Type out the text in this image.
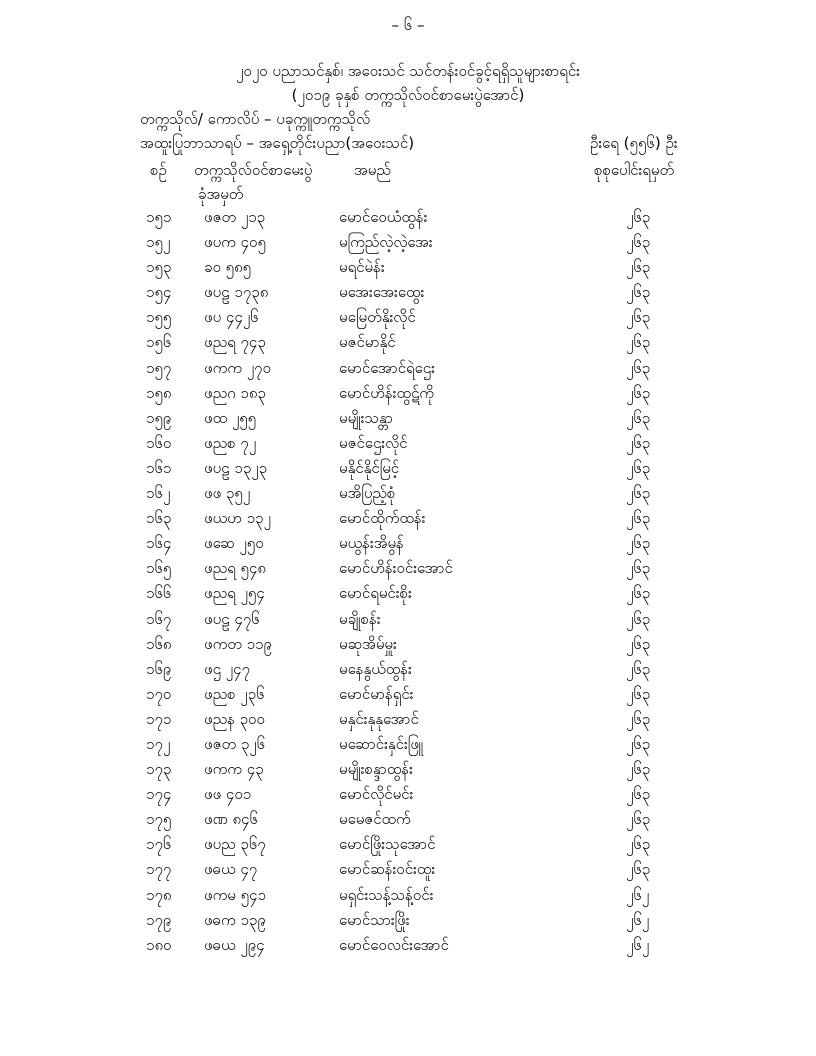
– ၆ –
၂၀၂၀ ပညာသင်နှစ်၊ အဝေးသင် သင်တန်းဝင်ခွင့်ရရှိသူများစာရင်း
(၂၀၁၉ ခုနှစ် တက္ကသိုလ်ဝင်စာမေးပွဲအောင်)
တက္ကသိုလ်/ ကောလိပ် – ပခုက္ကူတက္ကသိုလ်
အထူးပြုဘာသာရပ် – အရှေ့တိုင်းပညာ(အဝေးသင်)	ဦးရေ (၅၅၆) ဦး
စဉ် တက္ကသိုလ်ဝင်စာမေးပွဲ
ခုံအမှတ်
အမည်	စုစုပေါင်းရမှတ်
၁၅၁ ဖဇတ ၂၁၃	မောင်ဝေယံထွန်း	၂၆၃
၁၅၂ ဖပက ၄၀၅	မကြည်လဲ့လဲ့အေး	၂၆၃
၁၅၃ ခဝ ၅၈၅	မရင်မဲန်း	၂၆၃
၁၅၄ ဖပဠ ၁၇၃၈	မအေးအေးထွေး	၂၆၃
၁၅၅ ဖပ ၄၄၂၆	မမြေတ်နိုးလိုင်	၂၆၃
၁၅၆ ဖညရ ၇၄၃	မဇင်မာနိုင်	၂၆၃
၁၅၇ ဖကက ၂၇၀	မောင်အောင်ရဲဌေး	၂၆၃
၁၅၈ ဖညဂ ၁၈၃	မောင်ဟိန်းထွဋ်ကို	၂၆၃
၁၅၉ ဖထ ၂၅၅	မမျိုးသန္တာ	၂၆၃
၁၆၀ ဖညစ ၇၂	မဇင်ဌေးလိုင်	၂၆၃
၁၆၁ ဖပဠ ၁၃၂၃	မနိုင်နိုင်မြင့်	၂၆၃
၁၆၂ ဖဖ ၃၅၂	မအိပြည့်စုံ	၂၆၃
၁၆၃ ဖယဟ ၁၃၂	မောင်ထိုက်ထန်း	၂၆၃
၁၆၄ ဖဆေ ၂၅၀	မယွန်းအိမွန်	၂၆၃
၁၆၅ ဖညရ ၅၄၈	မောင်ဟိန်းဝင်းအောင်	၂၆၃
၁၆၆ ဖညရ ၂၅၄	မောင်ရမင်းစိုး	၂၆၃
၁၆၇ ဖပဠ ၄၇၆	မချိုစန်း	၂၆၃
၁၆၈ ဖကတ ၁၁၉	မဆုအိမ်မှူး	၂၆၃
၁၆၉ ဖဌ ၂၄၇	မနေနွယ်ထွန်း	၂၆၃
၁၇၀ ဖညစ ၂၃၆	မောင်မာန်ရှင်း	၂၆၃
၁၇၁ ဖညန ၃၀၀	မနှင်းနုနုအောင်	၂၆၃
၁၇၂ ဖဇတ ၃၂၆	မဆောင်းနှင်းဖြူ	၂၆၃
၁၇၃ ဖကက ၄၃	မမျိုးစန္ဒာထွန်း	၂၆၃
၁၇၄ ဖဖ ၄၀၁	မောင်လိုင်မင်း	၂၆၃
၁၇၅ ဖဏ ၈၄၆	မမေဇင်ထက်	၂၆၃
၁၇၆ ဖပည ၃၆၇	မောင်ဖြိုးသုအောင်	၂၆၃
၁၇၇ ဖဓယ ၄၇	မောင်ဆန်းဝင်းထူး	၂၆၃
၁၇၈ ဖကမ ၅၄၁	မရှင်းသန့်သန့်ဝင်း	၂၆၂
၁၇၉ ဖဓက ၁၃၉	မောင်သားဖြိုး	၂၆၂
၁၈၀ ဖဓယ ၂၉၄	မောင်ဝေလင်းအောင်	၂၆၂
